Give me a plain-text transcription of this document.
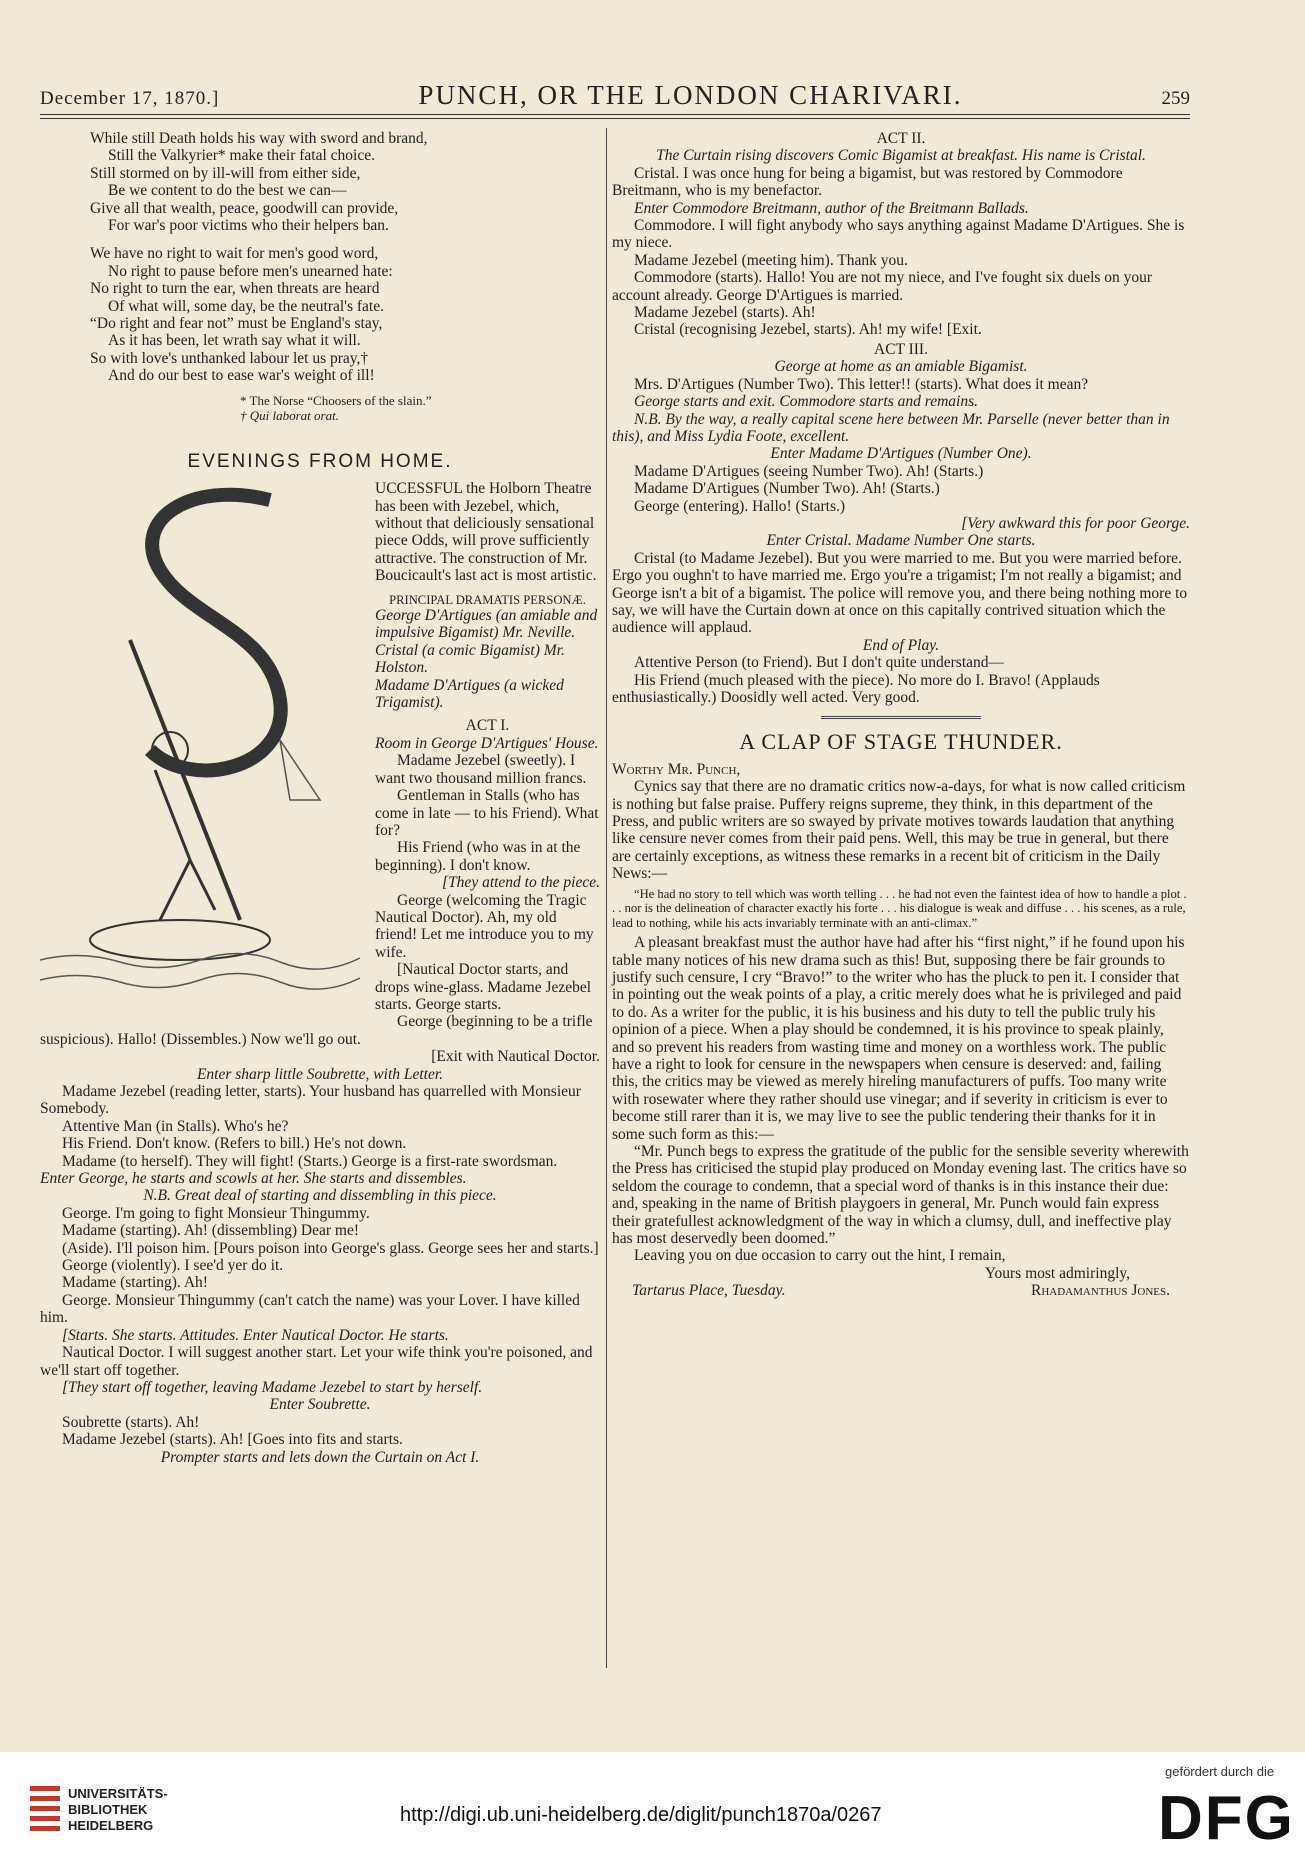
December 17, 1870.]	PUNCH, OR THE LONDON CHARIVARI.	259

While still Death holds his way with sword and brand,

Still the Valkyrier* make their fatal choice.

Still stormed on by ill-will from either side,

Be we content to do the best we can—

Give all that wealth, peace, goodwill can provide,

For war's poor victims who their helpers ban.

We have no right to wait for men's good word,

No right to pause before men's unearned hate:

No right to turn the ear, when threats are heard

Of what will, some day, be the neutral's fate.

“Do right and fear not” must be England's stay,

As it has been, let wrath say what it will.

So with love's unthanked labour let us pray,†

And do our best to ease war's weight of ill!

* The Norse “Choosers of the slain.”

† Qui laborat orat.

EVENINGS FROM HOME.

UCCESSFUL the Holborn Theatre has been with Jezebel, which, without that deliciously sensational piece Odds, will prove sufficiently attractive. The construction of Mr. Boucicault's last act is most artistic.

PRINCIPAL DRAMATIS PERSONÆ.

George D'Artigues (an amiable and impulsive Bigamist) Mr. Neville.

Cristal (a comic Bigamist) Mr. Holston.

Madame D'Artigues (a wicked Trigamist).

ACT I.

Room in George D'Artigues' House.

Madame Jezebel (sweetly). I want two thousand million francs.

Gentleman in Stalls (who has come in late — to his Friend). What for?

His Friend (who was in at the beginning). I don't know.

[They attend to the piece.

George (welcoming the Tragic Nautical Doctor). Ah, my old friend! Let me introduce you to my wife.

[Nautical Doctor starts, and drops wine-glass. Madame Jezebel starts. George starts.

George (beginning to be a trifle suspicious). Hallo! (Dissembles.) Now we'll go out.

[Exit with Nautical Doctor.

Enter sharp little Soubrette, with Letter.

Madame Jezebel (reading letter, starts). Your husband has quarrelled with Monsieur Somebody.

Attentive Man (in Stalls). Who's he?

His Friend. Don't know. (Refers to bill.) He's not down.

Madame (to herself). They will fight! (Starts.) George is a first-rate swordsman.

Enter George, he starts and scowls at her. She starts and dissembles.

N.B. Great deal of starting and dissembling in this piece.

George. I'm going to fight Monsieur Thingummy.

Madame (starting). Ah! (dissembling) Dear me!

(Aside). I'll poison him. [Pours poison into George's glass. George sees her and starts.]

George (violently). I see'd yer do it.

Madame (starting). Ah!

George. Monsieur Thingummy (can't catch the name) was your Lover. I have killed him.

[Starts. She starts. Attitudes. Enter Nautical Doctor. He starts.

Nautical Doctor. I will suggest another start. Let your wife think you're poisoned, and we'll start off together.

[They start off together, leaving Madame Jezebel to start by herself.

Enter Soubrette.

Soubrette (starts). Ah!

Madame Jezebel (starts). Ah! [Goes into fits and starts.

Prompter starts and lets down the Curtain on Act I.

ACT II.

The Curtain rising discovers Comic Bigamist at breakfast. His name is Cristal.

Cristal. I was once hung for being a bigamist, but was restored by Commodore Breitmann, who is my benefactor.

Enter Commodore Breitmann, author of the Breitmann Ballads.

Commodore. I will fight anybody who says anything against Madame D'Artigues. She is my niece.

Madame Jezebel (meeting him). Thank you.

Commodore (starts). Hallo! You are not my niece, and I've fought six duels on your account already. George D'Artigues is married.

Madame Jezebel (starts). Ah!

Cristal (recognising Jezebel, starts). Ah! my wife! [Exit.

ACT III.

George at home as an amiable Bigamist.

Mrs. D'Artigues (Number Two). This letter!! (starts). What does it mean?

George starts and exit. Commodore starts and remains.

N.B. By the way, a really capital scene here between Mr. Parselle (never better than in this), and Miss Lydia Foote, excellent.

Enter Madame D'Artigues (Number One).

Madame D'Artigues (seeing Number Two). Ah! (Starts.)

Madame D'Artigues (Number Two). Ah! (Starts.)

George (entering). Hallo! (Starts.)

[Very awkward this for poor George.

Enter Cristal. Madame Number One starts.

Cristal (to Madame Jezebel). But you were married to me. But you were married before. Ergo you oughn't to have married me. Ergo you're a trigamist; I'm not really a bigamist; and George isn't a bit of a bigamist. The police will remove you, and there being nothing more to say, we will have the Curtain down at once on this capitally contrived situation which the audience will applaud.

End of Play.

Attentive Person (to Friend). But I don't quite understand—

His Friend (much pleased with the piece). No more do I. Bravo! (Applauds enthusiastically.) Doosidly well acted. Very good.

A CLAP OF STAGE THUNDER.

Worthy Mr. Punch,

Cynics say that there are no dramatic critics now-a-days, for what is now called criticism is nothing but false praise. Puffery reigns supreme, they think, in this department of the Press, and public writers are so swayed by private motives towards laudation that anything like censure never comes from their paid pens. Well, this may be true in general, but there are certainly exceptions, as witness these remarks in a recent bit of criticism in the Daily News:—

“He had no story to tell which was worth telling . . . he had not even the faintest idea of how to handle a plot . . . nor is the delineation of character exactly his forte . . . his dialogue is weak and diffuse . . . his scenes, as a rule, lead to nothing, while his acts invariably terminate with an anti-climax.”

A pleasant breakfast must the author have had after his “first night,” if he found upon his table many notices of his new drama such as this! But, supposing there be fair grounds to justify such censure, I cry “Bravo!” to the writer who has the pluck to pen it. I consider that in pointing out the weak points of a play, a critic merely does what he is privileged and paid to do. As a writer for the public, it is his business and his duty to tell the public truly his opinion of a piece. When a play should be condemned, it is his province to speak plainly, and so prevent his readers from wasting time and money on a worthless work. The public have a right to look for censure in the newspapers when censure is deserved: and, failing this, the critics may be viewed as merely hireling manufacturers of puffs. Too many write with rosewater where they rather should use vinegar; and if severity in criticism is ever to become still rarer than it is, we may live to see the public tendering their thanks for it in some such form as this:—

“Mr. Punch begs to express the gratitude of the public for the sensible severity wherewith the Press has criticised the stupid play produced on Monday evening last. The critics have so seldom the courage to condemn, that a special word of thanks is in this instance their due: and, speaking in the name of British playgoers in general, Mr. Punch would fain express their gratefullest acknowledgment of the way in which a clumsy, dull, and ineffective play has most deservedly been doomed.”

Leaving you on due occasion to carry out the hint, I remain,

Yours most admiringly,

Tartarus Place, Tuesday.	Rhadamanthus Jones.
UNIVERSITÄTS-
BIBLIOTHEK
HEIDELBERG	http://digi.ub.uni-heidelberg.de/diglit/punch1870a/0267
gefördert durch die
DFG
